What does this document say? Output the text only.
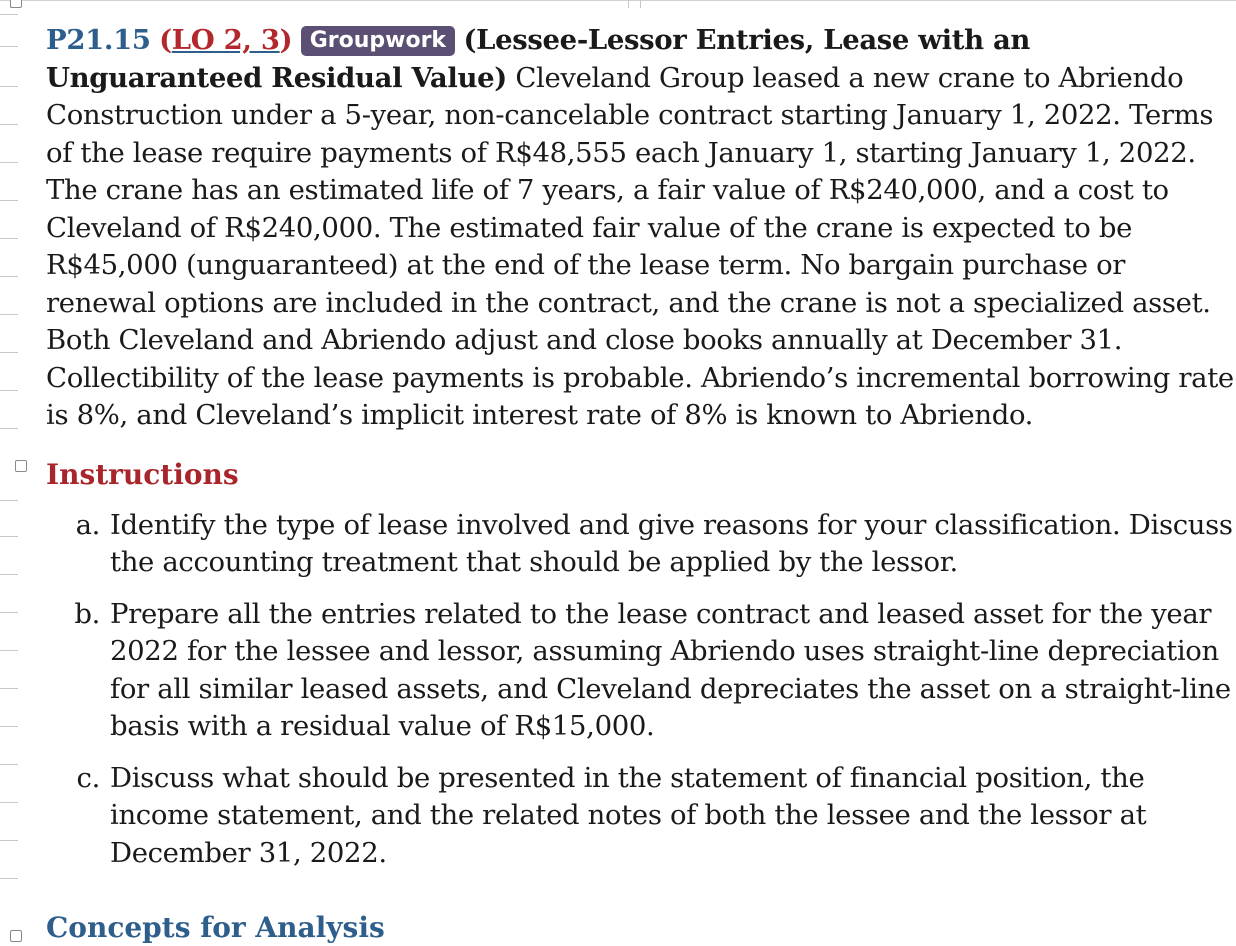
P21.15 (LO 2, 3) Groupwork (Lessee-Lessor Entries, Lease with an Unguaranteed Residual Value) Cleveland Group leased a new crane to Abriendo Construction under a 5-year, non-cancelable contract starting January 1, 2022. Terms of the lease require payments of R$48,555 each January 1, starting January 1, 2022. The crane has an estimated life of 7 years, a fair value of R$240,000, and a cost to Cleveland of R$240,000. The estimated fair value of the crane is expected to be R$45,000 (unguaranteed) at the end of the lease term. No bargain purchase or renewal options are included in the contract, and the crane is not a specialized asset. Both Cleveland and Abriendo adjust and close books annually at December 31. Collectibility of the lease payments is probable. Abriendo’s incremental borrowing rate is 8%, and Cleveland’s implicit interest rate of 8% is known to Abriendo.

Instructions
a. Identify the type of lease involved and give reasons for your classification. Discuss the accounting treatment that should be applied by the lessor.
b. Prepare all the entries related to the lease contract and leased asset for the year 2022 for the lessee and lessor, assuming Abriendo uses straight-line depreciation for all similar leased assets, and Cleveland depreciates the asset on a straight-line basis with a residual value of R$15,000.
c. Discuss what should be presented in the statement of financial position, the income statement, and the related notes of both the lessee and the lessor at December 31, 2022.
Concepts for Analysis
